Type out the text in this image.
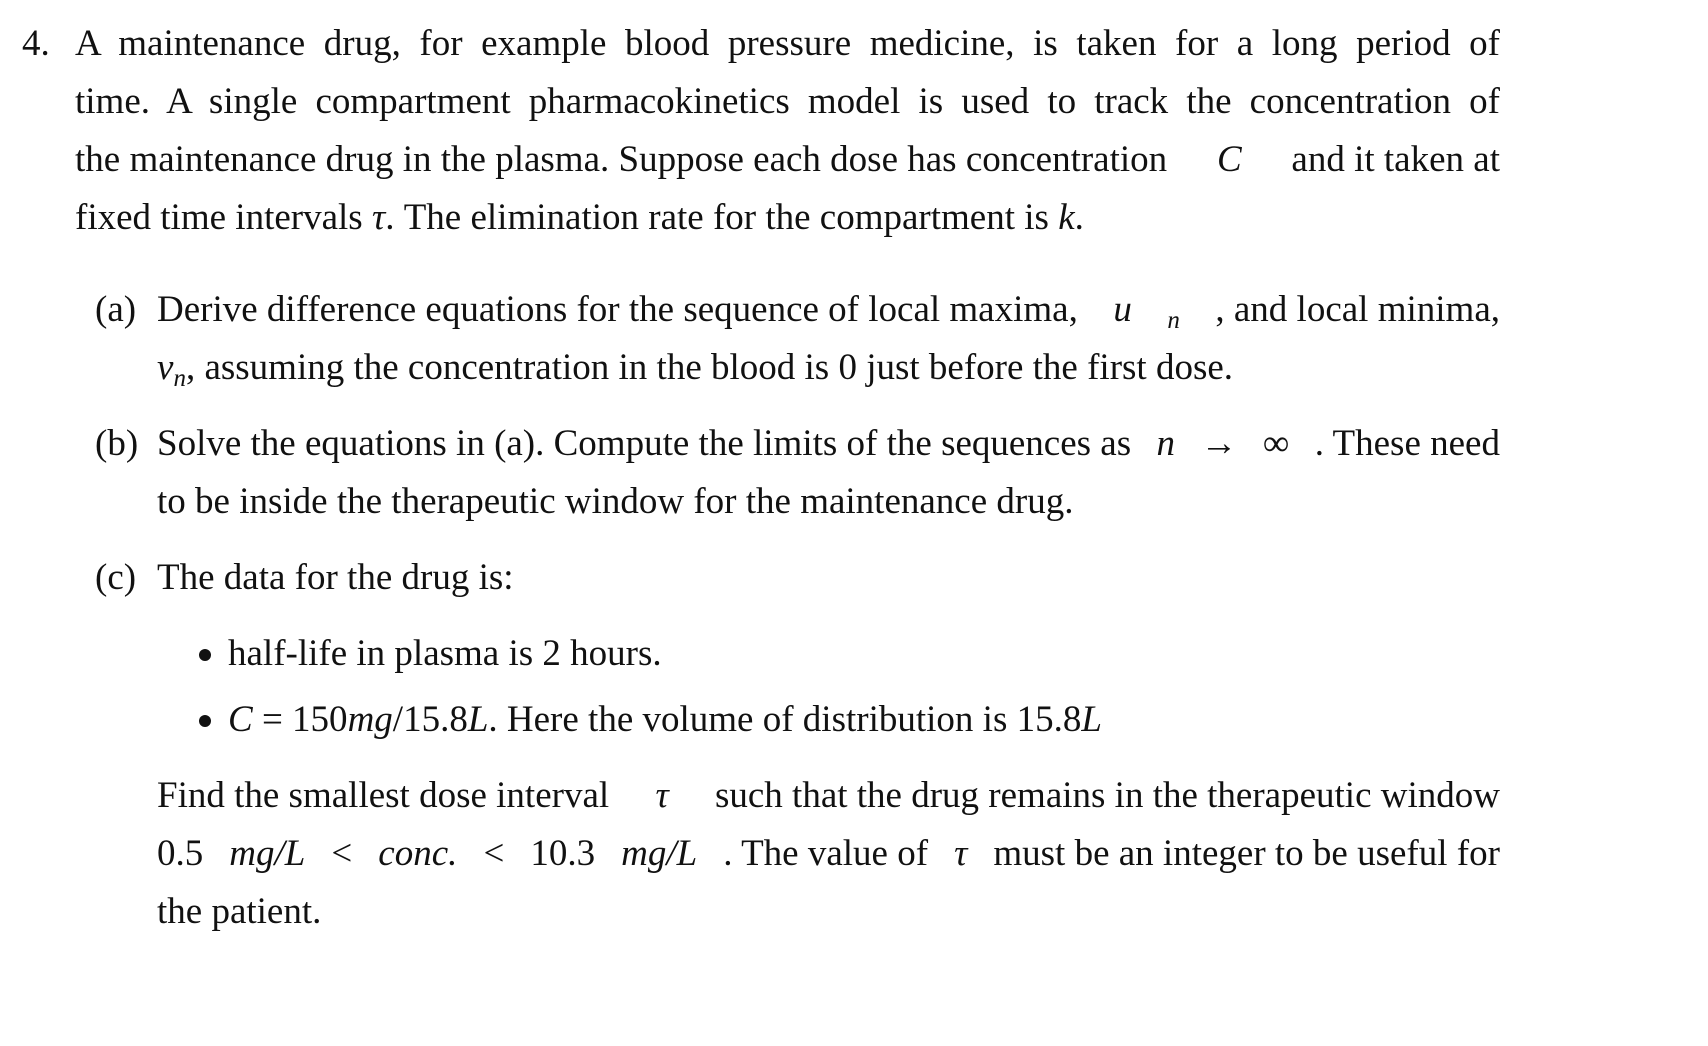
4. A maintenance drug, for example blood pressure medicine, is taken for a long period of
time. A single compartment pharmacokinetics model is used to track the concentration of
the maintenance drug in the plasma. Suppose each dose has concentration C and it taken at
fixed time intervals τ. The elimination rate for the compartment is k.
(a) Derive difference equations for the sequence of local maxima, u n , and local minima,
vn, assuming the concentration in the blood is 0 just before the first dose.
(b) Solve the equations in (a). Compute the limits of the sequences as n → ∞ . These need
to be inside the therapeutic window for the maintenance drug.
(c) The data for the drug is:
half-life in plasma is 2 hours.
C = 150mg/15.8L. Here the volume of distribution is 15.8L
Find the smallest dose interval τ such that the drug remains in the therapeutic window
0.5 mg/L < conc. < 10.3 mg/L . The value of τ must be an integer to be useful for
the patient.
